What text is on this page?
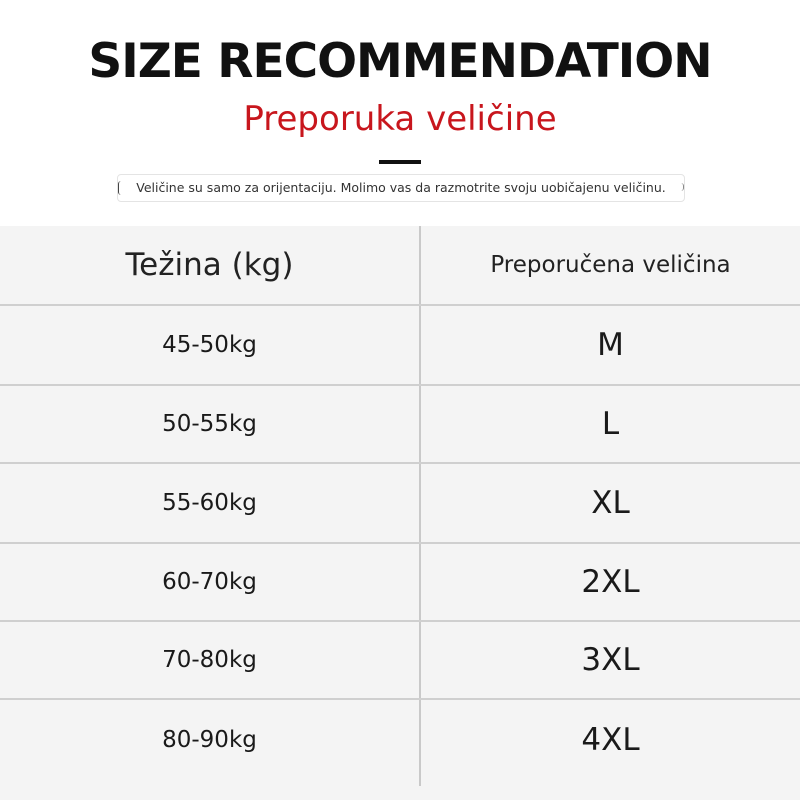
SIZE RECOMMENDATION
Preporuka veličine
Veličine su samo za orijentaciju. Molimo vas da razmotrite svoju uobičajenu veličinu.
Težina (kg)	Preporučena veličina
45-50kg	M
50-55kg	L
55-60kg	XL
60-70kg	2XL
70-80kg	3XL
80-90kg	4XL
